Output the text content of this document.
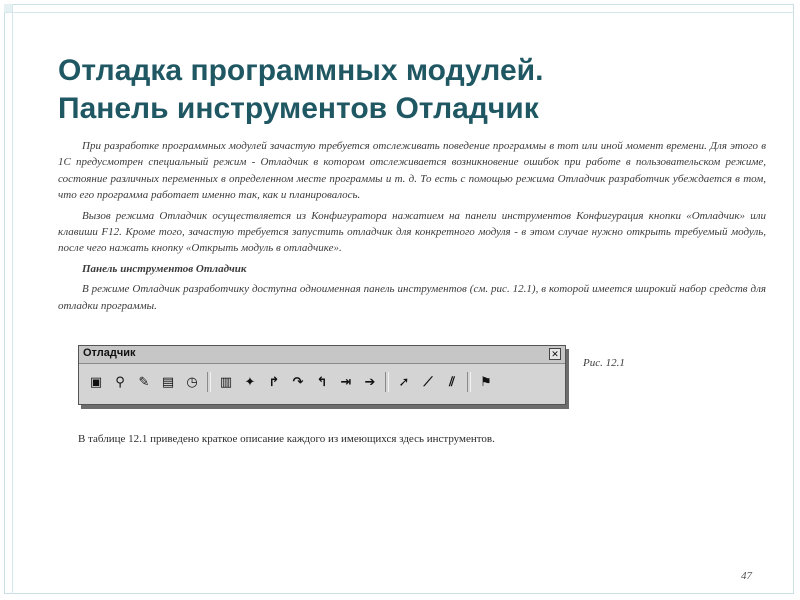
Отладка программных модулей.
Панель инструментов Отладчик

При разработке программных модулей зачастую требуется отслеживать поведение программы в тот или иной момент времени. Для этого в 1С предусмотрен специальный режим - Отладчик в котором отслеживается возникновение ошибок при работе в пользовательском режиме, состояние различных переменных в определенном месте программы и т. д. То есть с помощью режима Отладчик разработчик убеждается в том, что его программа работает именно так, как и планировалось.

Вызов режима Отладчик осуществляется из Конфигуратора нажатием на панели инструментов Конфигурация кнопки «Отладчик» или клавиши F12. Кроме того, зачастую требуется запустить отладчик для конкретного модуля - в этом случае нужно открыть требуемый модуль, после чего нажать кнопку «Открыть модуль в отладчике».

Панель инструментов Отладчик

В режиме Отладчик разработчику доступна одноименная панель инструментов (см. рис. 12.1), в которой имеется широкий набор средств для отладки программы.

Отладчик	✕
▣	⚲	✎ ▤ ◷	▥ ✦	↱	↷	↰	⇥	➔	➚	⟋	⫽	⚑
Рис. 12.1
В таблице 12.1 приведено краткое описание каждого из имеющихся здесь инструментов.
47
